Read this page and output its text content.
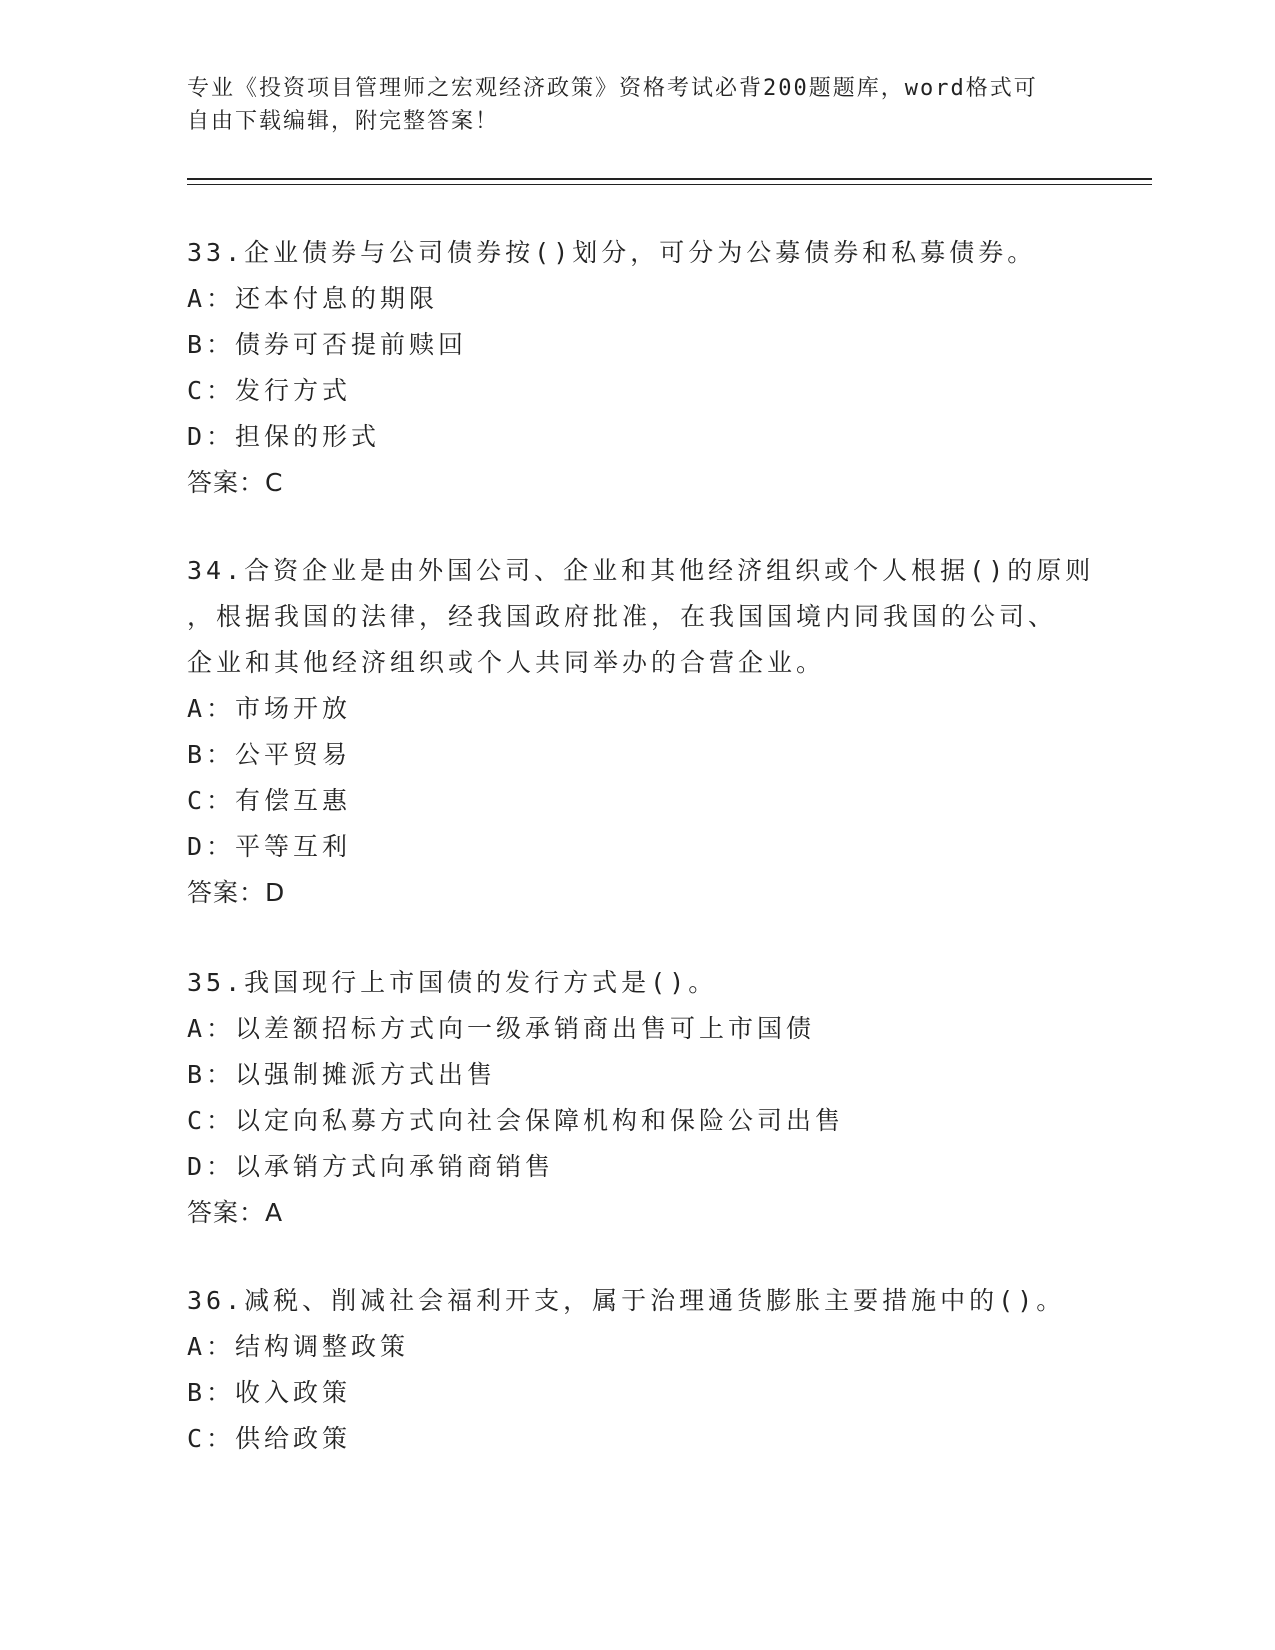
专业《投资项目管理师之宏观经济政策》资格考试必背200题题库，word格式可
自由下载编辑，附完整答案！
33.企业债券与公司债券按()划分，可分为公募债券和私募债券。
A：还本付息的期限
B：债券可否提前赎回
C：发行方式
D：担保的形式
答案：C
34.合资企业是由外国公司、企业和其他经济组织或个人根据()的原则
，根据我国的法律，经我国政府批准，在我国国境内同我国的公司、
企业和其他经济组织或个人共同举办的合营企业。
A：市场开放
B：公平贸易
C：有偿互惠
D：平等互利
答案：D
35.我国现行上市国债的发行方式是()。
A：以差额招标方式向一级承销商出售可上市国债
B：以强制摊派方式出售
C：以定向私募方式向社会保障机构和保险公司出售
D：以承销方式向承销商销售
答案：A
36.减税、削减社会福利开支，属于治理通货膨胀主要措施中的()。
A：结构调整政策
B：收入政策
C：供给政策
